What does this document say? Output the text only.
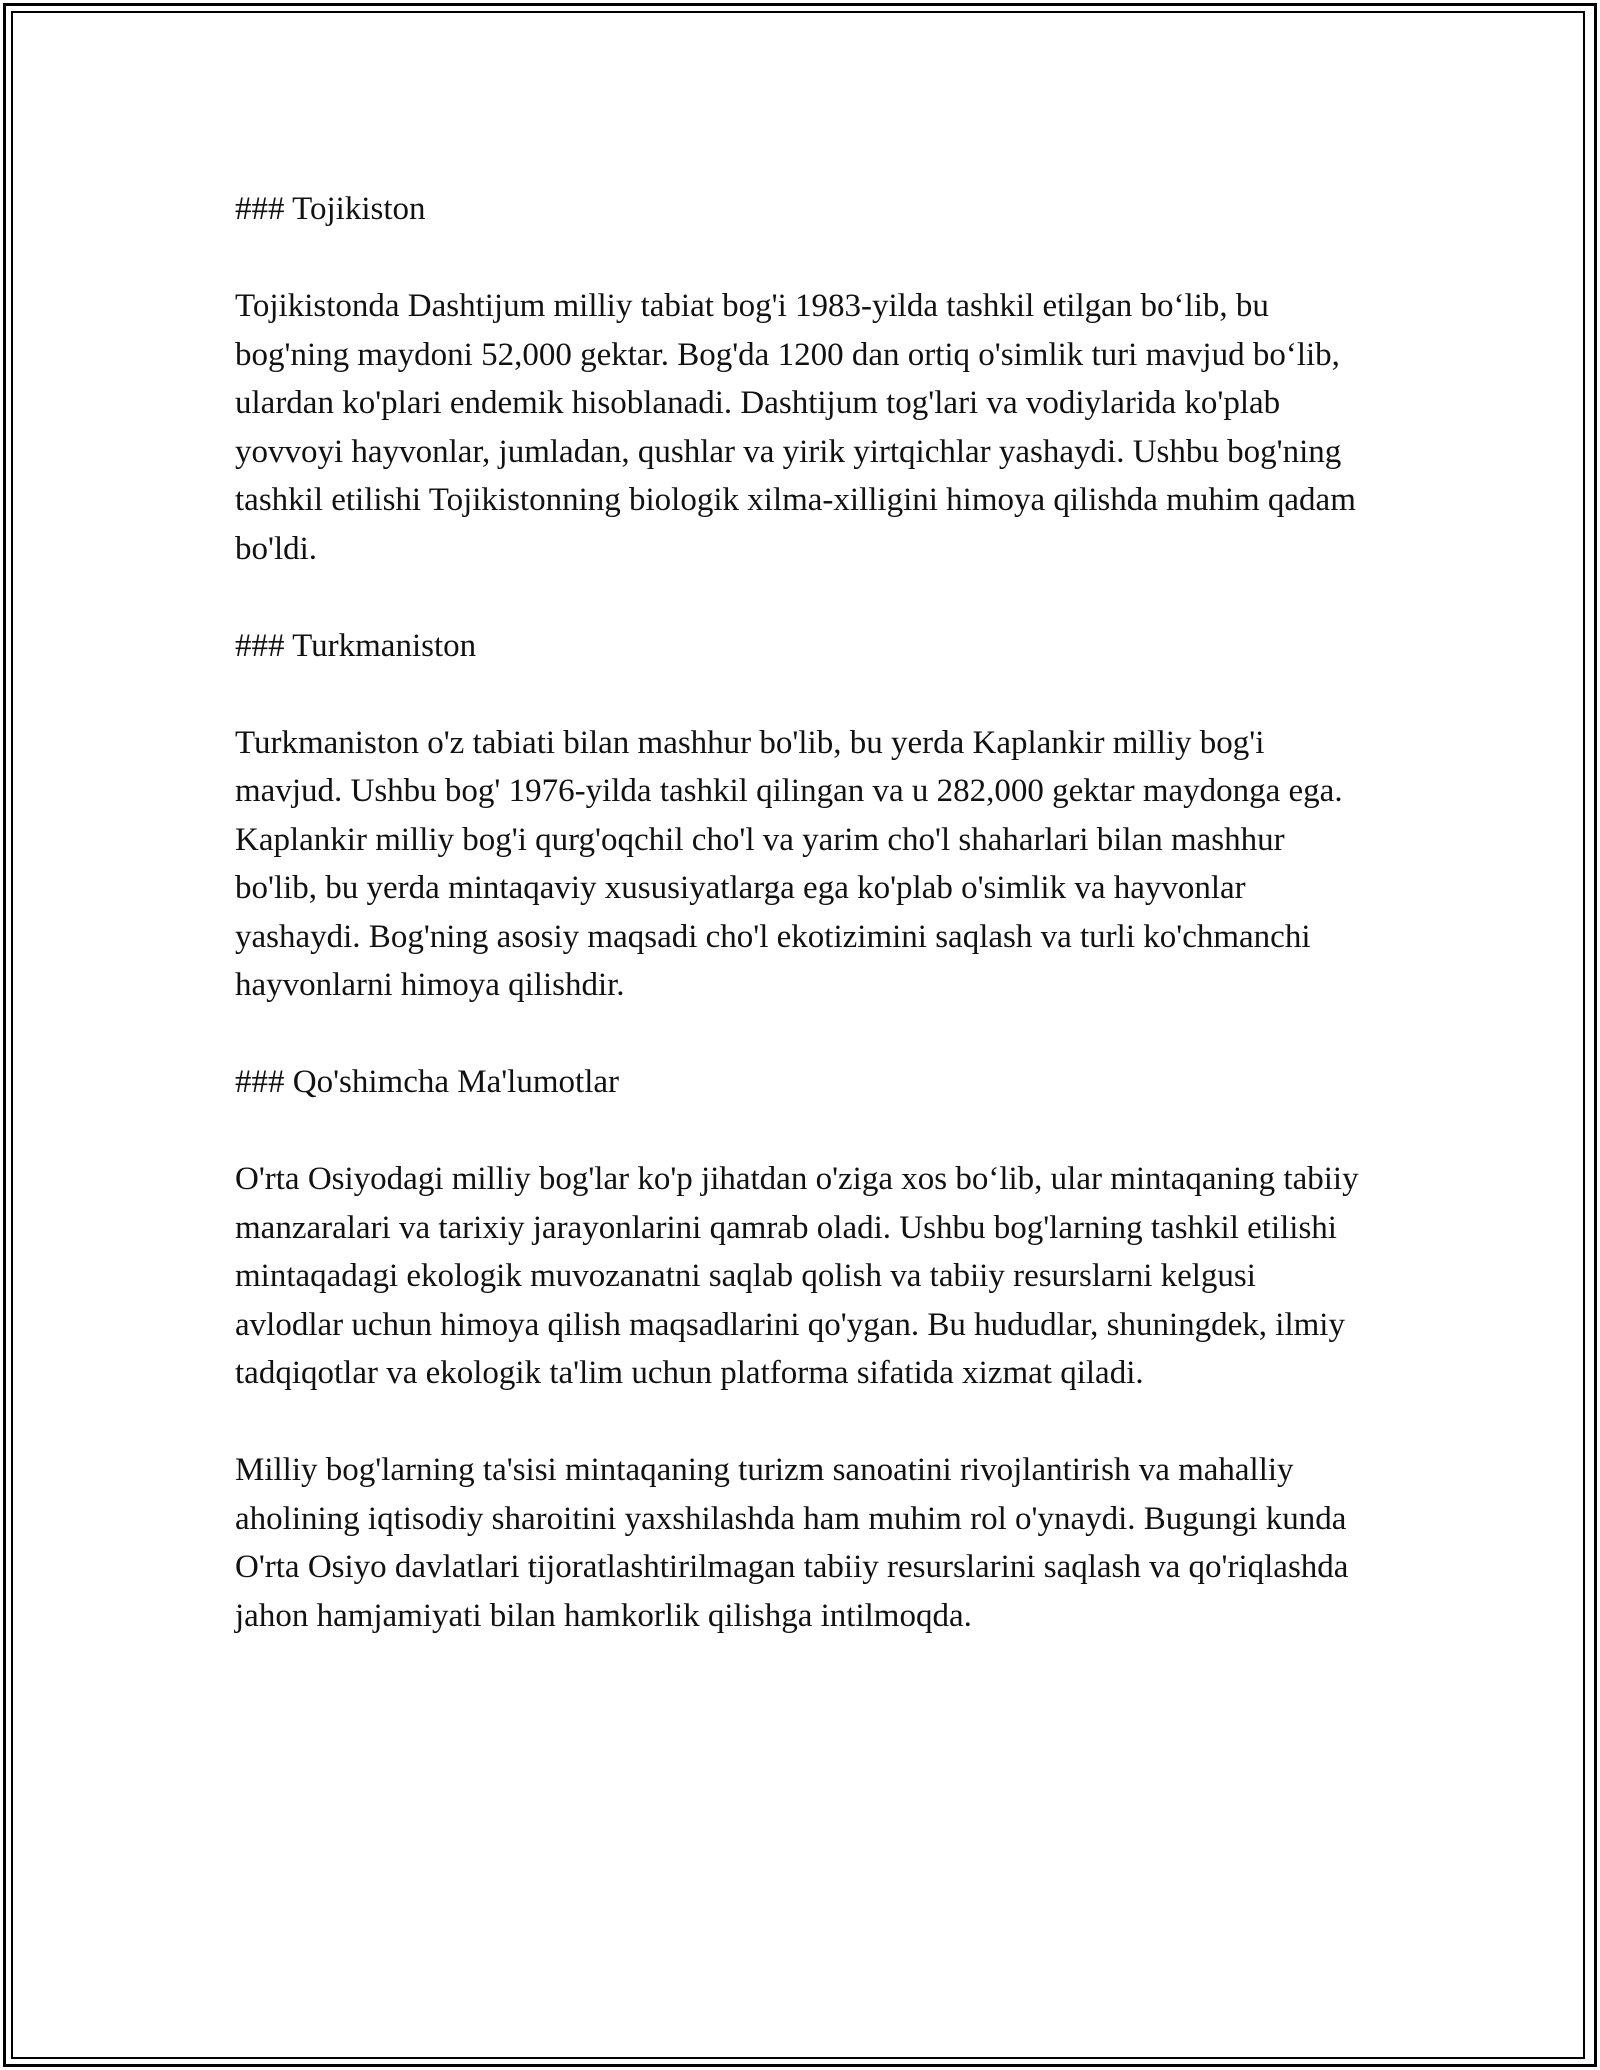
### Tojikiston

Tojikistonda Dashtijum milliy tabiat bog'i 1983-yilda tashkil etilgan bo‘lib, bu bog'ning maydoni 52,000 gektar. Bog'da 1200 dan ortiq o'simlik turi mavjud bo‘lib, ulardan ko'plari endemik hisoblanadi. Dashtijum tog'lari va vodiylarida ko'plab yovvoyi hayvonlar, jumladan, qushlar va yirik yirtqichlar yashaydi. Ushbu bog'ning tashkil etilishi Tojikistonning biologik xilma-xilligini himoya qilishda muhim qadam bo'ldi.

### Turkmaniston

Turkmaniston o'z tabiati bilan mashhur bo'lib, bu yerda Kaplankir milliy bog'i mavjud. Ushbu bog' 1976-yilda tashkil qilingan va u 282,000 gektar maydonga ega. Kaplankir milliy bog'i qurg'oqchil cho'l va yarim cho'l shaharlari bilan mashhur bo'lib, bu yerda mintaqaviy xususiyatlarga ega ko'plab o'simlik va hayvonlar yashaydi. Bog'ning asosiy maqsadi cho'l ekotizimini saqlash va turli ko'chmanchi hayvonlarni himoya qilishdir.

### Qo'shimcha Ma'lumotlar

O'rta Osiyodagi milliy bog'lar ko'p jihatdan o'ziga xos bo‘lib, ular mintaqaning tabiiy manzaralari va tarixiy jarayonlarini qamrab oladi. Ushbu bog'larning tashkil etilishi mintaqadagi ekologik muvozanatni saqlab qolish va tabiiy resurslarni kelgusi avlodlar uchun himoya qilish maqsadlarini qo'ygan. Bu hududlar, shuningdek, ilmiy tadqiqotlar va ekologik ta'lim uchun platforma sifatida xizmat qiladi.

Milliy bog'larning ta'sisi mintaqaning turizm sanoatini rivojlantirish va mahalliy aholining iqtisodiy sharoitini yaxshilashda ham muhim rol o'ynaydi. Bugungi kunda O'rta Osiyo davlatlari tijoratlashtirilmagan tabiiy resurslarini saqlash va qo'riqlashda jahon hamjamiyati bilan hamkorlik qilishga intilmoqda.
